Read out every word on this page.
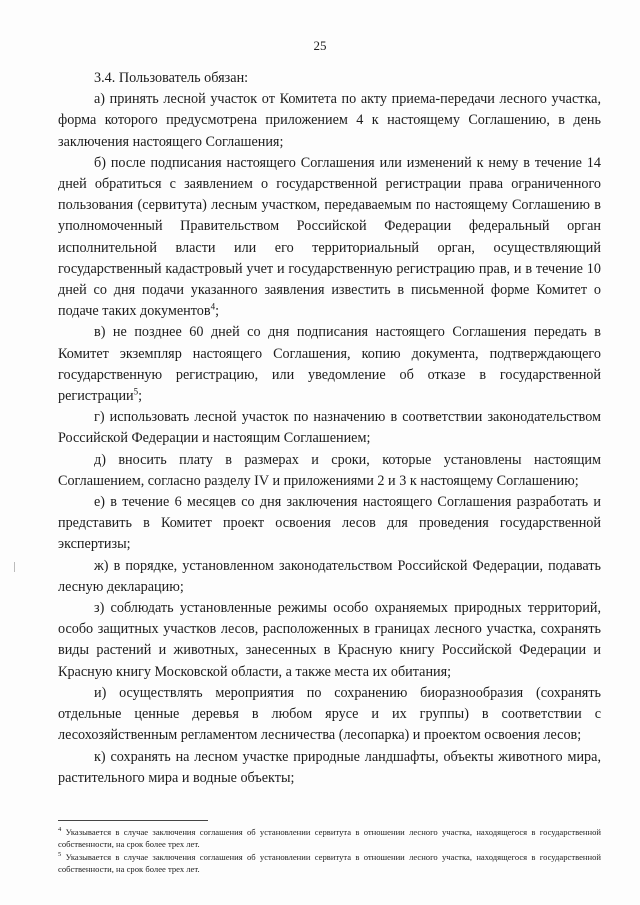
25

3.4. Пользователь обязан:

а) принять лесной участок от Комитета по акту приема-передачи лесного участка, форма которого предусмотрена приложением 4 к настоящему Соглашению, в день заключения настоящего Соглашения;

б) после подписания настоящего Соглашения или изменений к нему в течение 14 дней обратиться с заявлением о государственной регистрации права ограниченного пользования (сервитута) лесным участком, передаваемым по настоящему Соглашению в уполномоченный Правительством Российской Федерации федеральный орган исполнительной власти или его территориальный орган, осуществляющий государственный кадастровый учет и государственную регистрацию прав, и в течение 10 дней со дня подачи указанного заявления известить в письменной форме Комитет о подаче таких документов$^4$;

в) не позднее 60 дней со дня подписания настоящего Соглашения передать в Комитет экземпляр настоящего Соглашения, копию документа, подтверждающего государственную регистрацию, или уведомление об отказе в государственной регистрации$^5$;

г) использовать лесной участок по назначению в соответствии законодательством Российской Федерации и настоящим Соглашением;

д) вносить плату в размерах и сроки, которые установлены настоящим Соглашением, согласно разделу IV и приложениями 2 и 3 к настоящему Соглашению;

е) в течение 6 месяцев со дня заключения настоящего Соглашения разработать и представить в Комитет проект освоения лесов для проведения государственной экспертизы;

ж) в порядке, установленном законодательством Российской Федерации, подавать лесную декларацию;

з) соблюдать установленные режимы особо охраняемых природных территорий, особо защитных участков лесов, расположенных в границах лесного участка, сохранять виды растений и животных, занесенных в Красную книгу Российской Федерации и Красную книгу Московской области, а также места их обитания;

и) осуществлять мероприятия по сохранению биоразнообразия (сохранять отдельные ценные деревья в любом ярусе и их группы) в соответствии с лесохозяйственным регламентом лесничества (лесопарка) и проектом освоения лесов;

к) сохранять на лесном участке природные ландшафты, объекты животного мира, растительного мира и водные объекты;

$^4$ Указывается в случае заключения соглашения об установлении сервитута в отношении лесного участка, находящегося в государственной собственности, на срок более трех лет.

$^5$ Указывается в случае заключения соглашения об установлении сервитута в отношении лесного участка, находящегося в государственной собственности, на срок более трех лет.
